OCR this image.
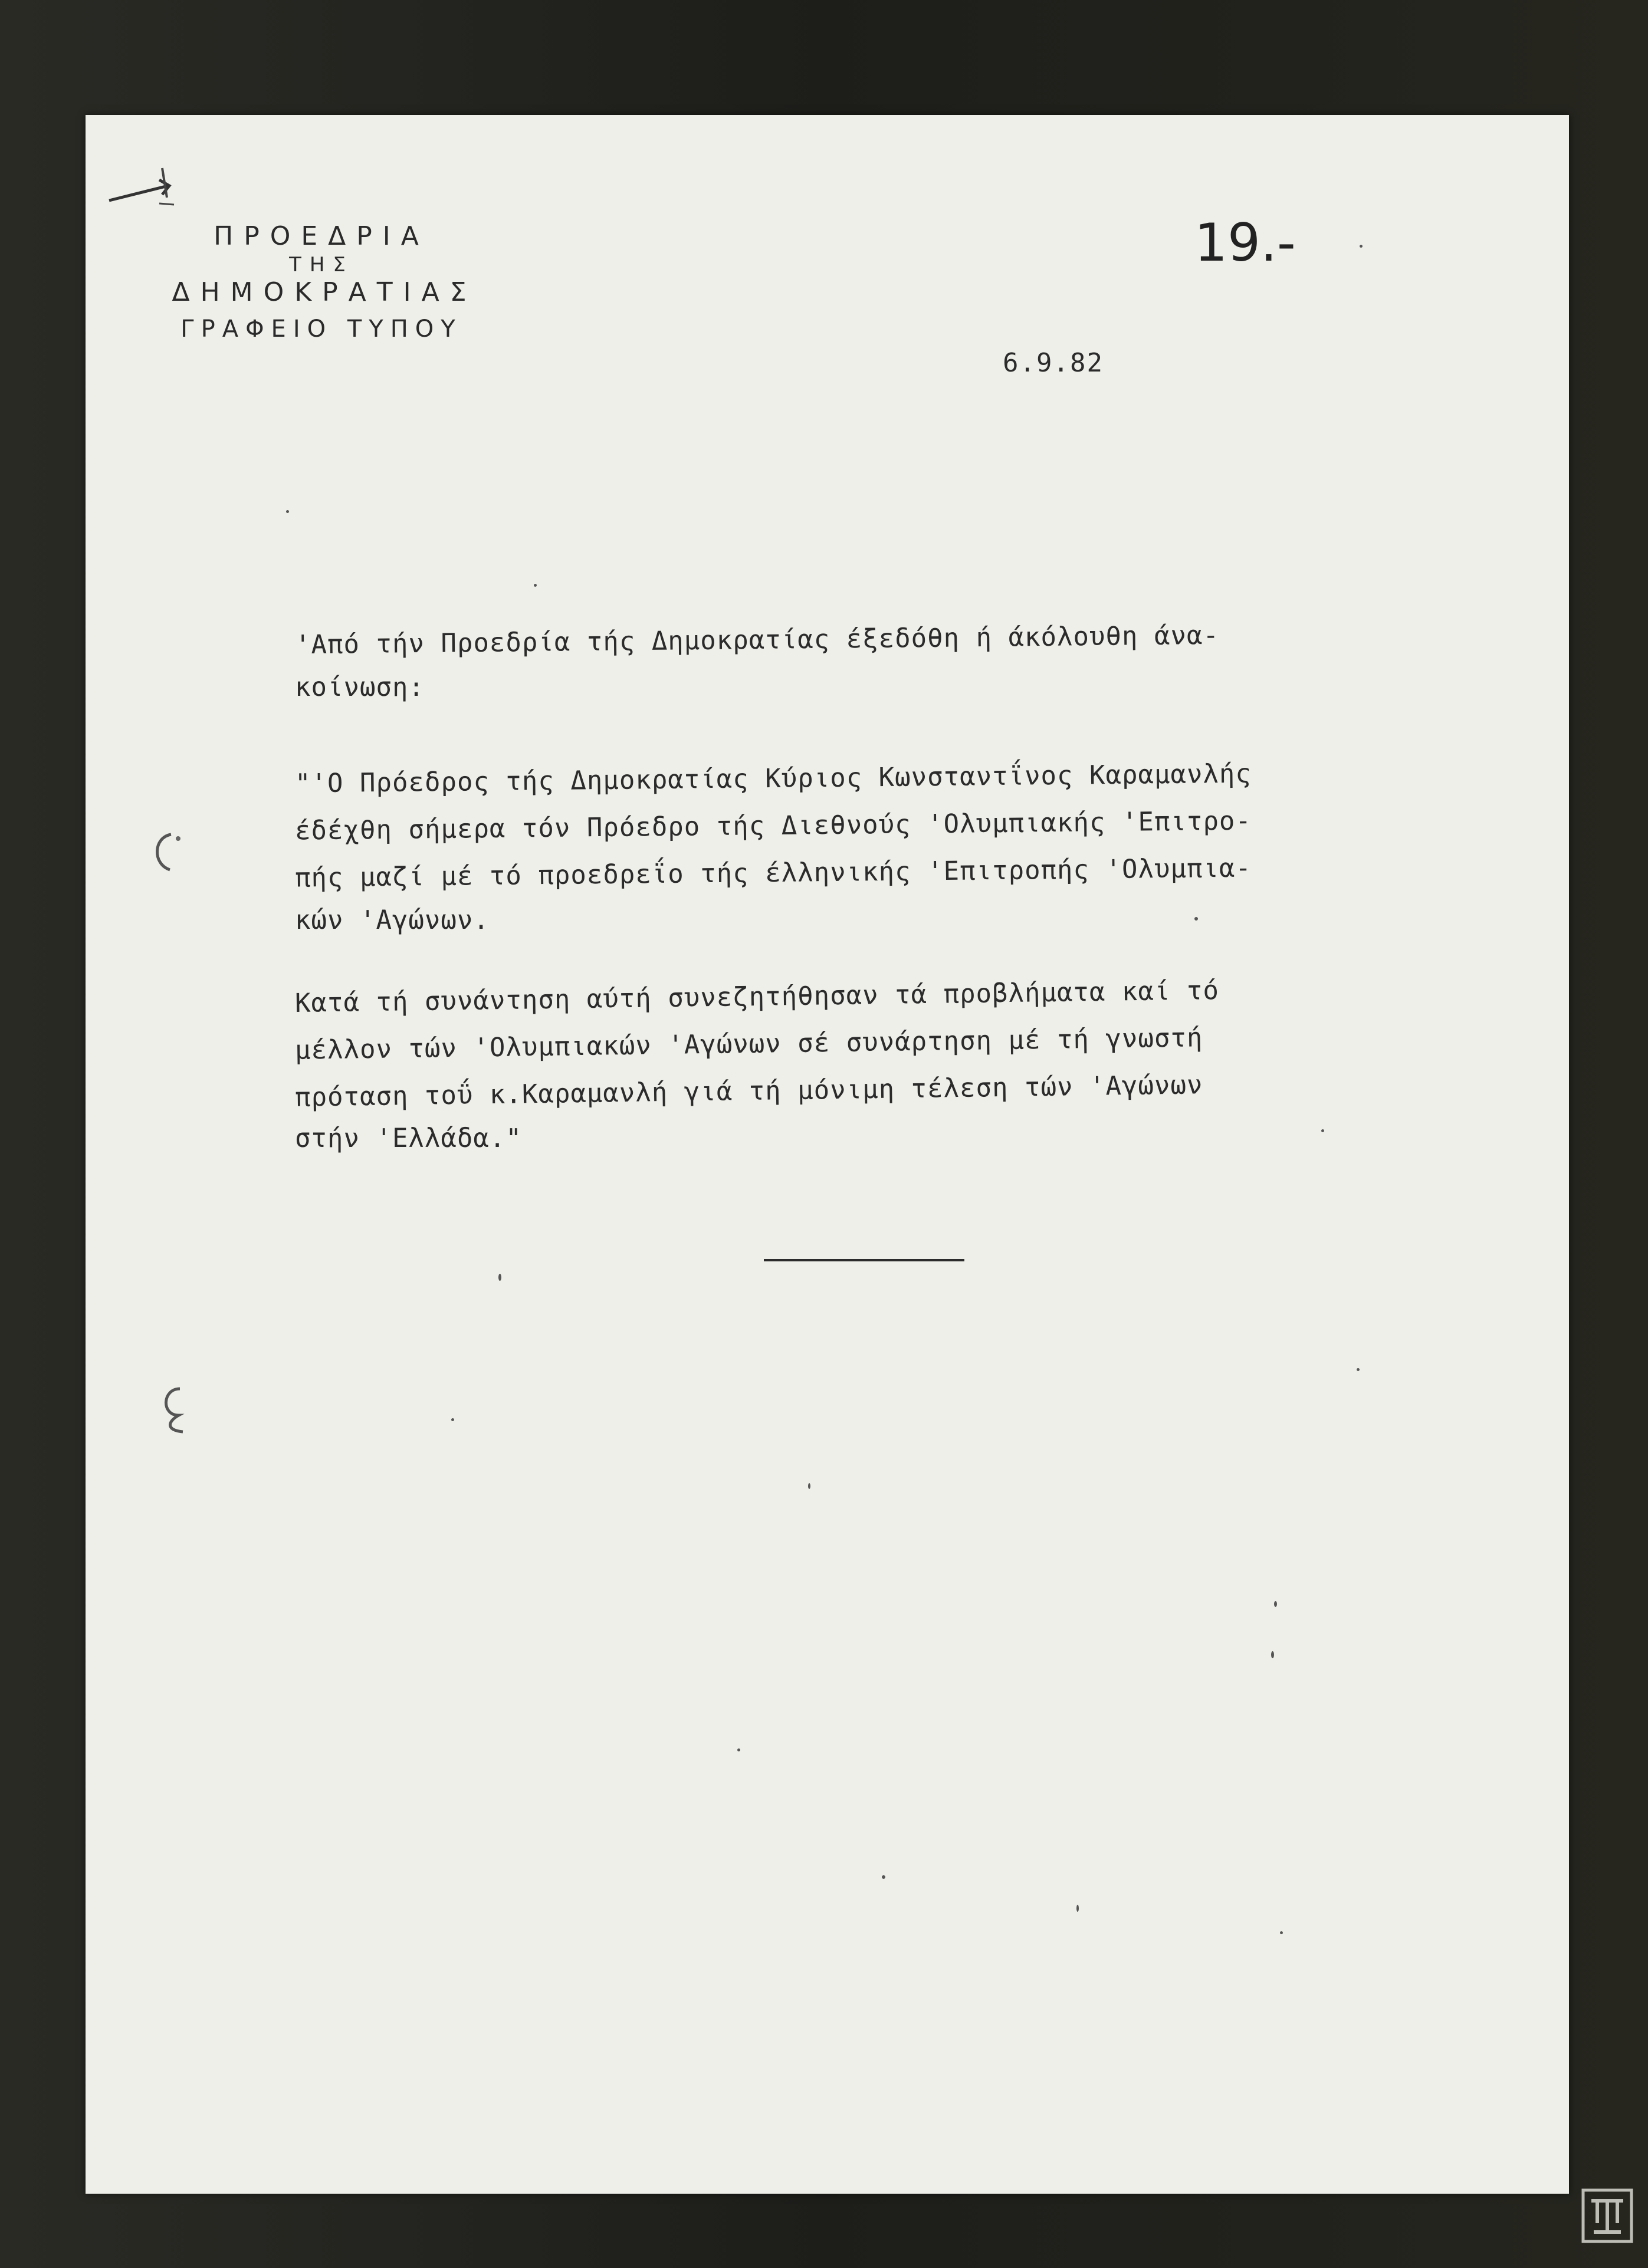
ΠΡΟΕΔΡΙΑ
ΤΗΣ
ΔΗΜΟΚΡΑΤΙΑΣ
ΓΡΑΦΕΙΟ ΤΥΠΟΥ
19.-
6.9.82
'Από τήν Προεδρία τής Δημοκρατίας έξεδόθη ή άκόλουθη άνα-
κοίνωση:
"'Ο Πρόεδρος τής Δημοκρατίας Κύριος Κωνσταντΐνος Καραμανλής
έδέχθη σήμερα τόν Πρόεδρο τής Διεθνούς 'Ολυμπιακής 'Επιτρο-
πής μαζί μέ τό προεδρεΐο τής έλληνικής 'Επιτροπής 'Ολυμπια-
κών 'Αγώνων.
Κατά τή συνάντηση αύτή συνεζητήθησαν τά προβλήματα καί τό
μέλλον τών 'Ολυμπιακών 'Αγώνων σέ συνάρτηση μέ τή γνωστή
πρόταση τοΰ κ.Καραμανλή γιά τή μόνιμη τέλεση τών 'Αγώνων
στήν 'Ελλάδα."
